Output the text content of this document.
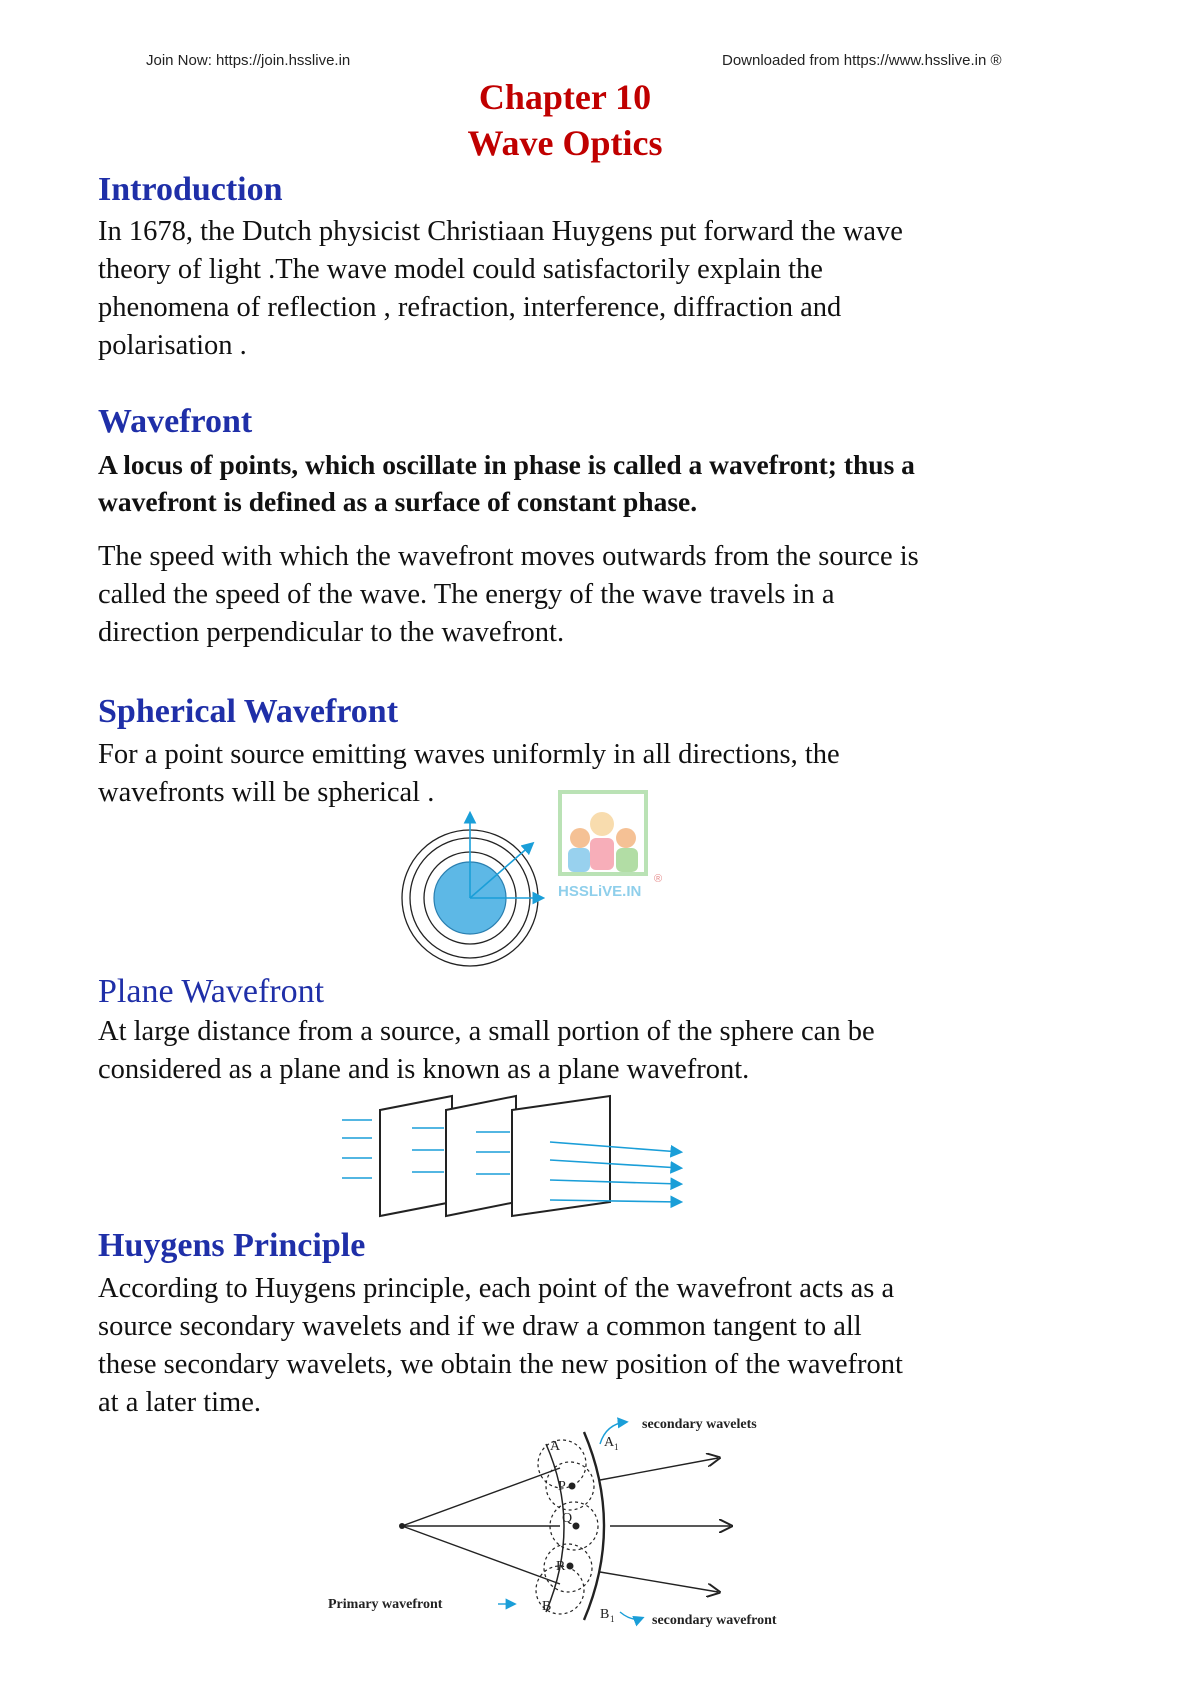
Join Now: https://join.hsslive.in	Downloaded from https://www.hsslive.in ®
Chapter 10
Wave Optics
Introduction
In 1678, the Dutch physicist Christiaan Huygens put forward the wave
theory of light .The wave model could satisfactorily explain the
phenomena of reflection , refraction, interference, diffraction and
polarisation .
Wavefront
A locus of points, which oscillate in phase is called a wavefront; thus a
wavefront is defined as a surface of constant phase.
The speed with which the wavefront moves outwards from the source is
called the speed of the wave. The energy of the wave travels in a
direction perpendicular to the wavefront.
Spherical Wavefront
For a point source emitting waves uniformly in all directions, the
wavefronts will be spherical .
HSSLiVE.IN
®
Plane Wavefront
At large distance from a source, a small portion of the sphere can be
considered as a plane and is known as a plane wavefront.
Huygens Principle
According to Huygens principle, each point of the wavefront acts as a
source secondary wavelets and if we draw a common tangent to all
these secondary wavelets, we obtain the new position of the wavefront
at a later time.
secondary wavelets
Primary wavefront
secondary wavefront
A	A 1
P
Q
R
B
B 1
